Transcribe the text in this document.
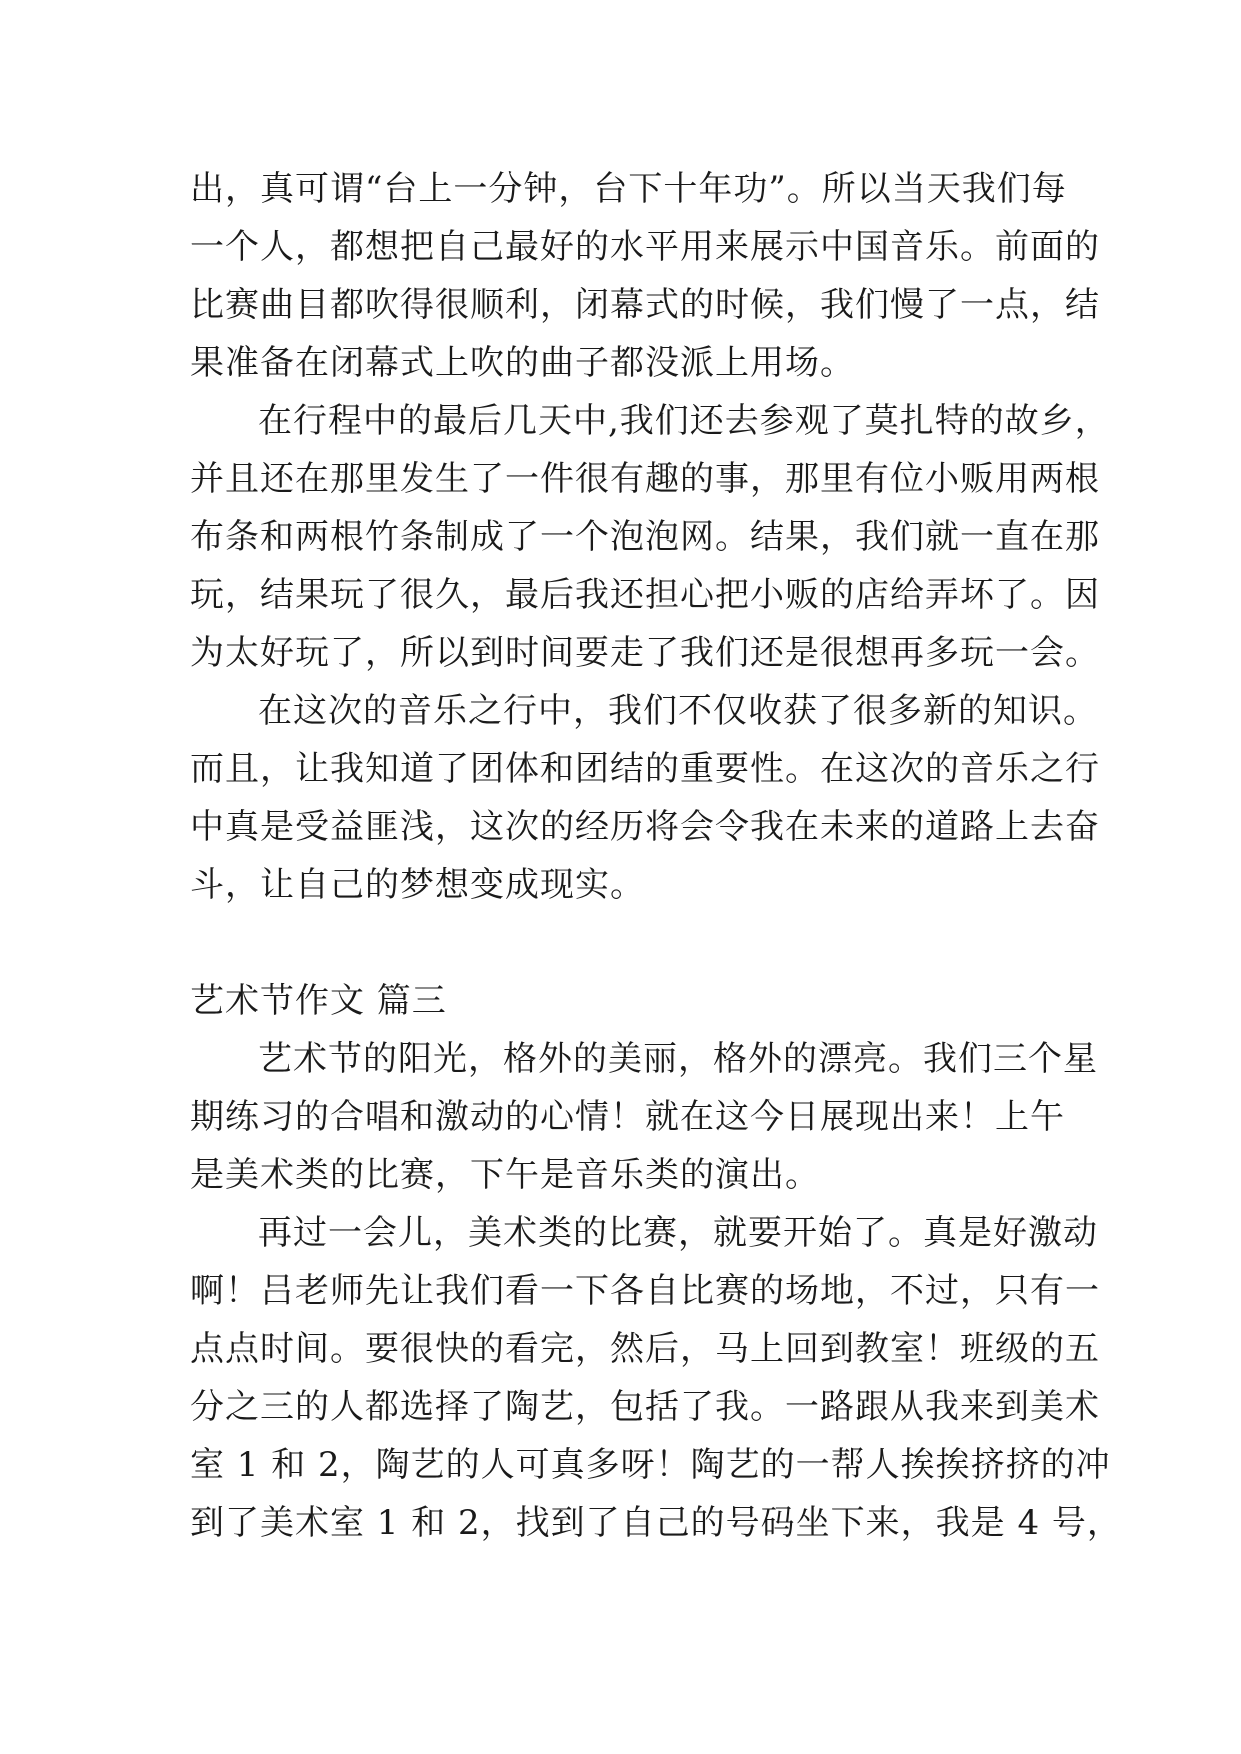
出，真可谓“台上一分钟，台下十年功”。所以当天我们每
一个人，都想把自己最好的水平用来展示中国音乐。前面的
比赛曲目都吹得很顺利，闭幕式的时候，我们慢了一点，结
果准备在闭幕式上吹的曲子都没派上用场。
在行程中的最后几天中,我们还去参观了莫扎特的故乡，
并且还在那里发生了一件很有趣的事，那里有位小贩用两根
布条和两根竹条制成了一个泡泡网。结果，我们就一直在那
玩，结果玩了很久，最后我还担心把小贩的店给弄坏了。因
为太好玩了，所以到时间要走了我们还是很想再多玩一会。
在这次的音乐之行中，我们不仅收获了很多新的知识。
而且，让我知道了团体和团结的重要性。在这次的音乐之行
中真是受益匪浅，这次的经历将会令我在未来的道路上去奋
斗，让自己的梦想变成现实。
艺术节作文 篇三
艺术节的阳光，格外的美丽，格外的漂亮。我们三个星
期练习的合唱和激动的心情！就在这今日展现出来！上午
是美术类的比赛，下午是音乐类的演出。
再过一会儿，美术类的比赛，就要开始了。真是好激动
啊！吕老师先让我们看一下各自比赛的场地，不过，只有一
点点时间。要很快的看完，然后，马上回到教室！班级的五
分之三的人都选择了陶艺，包括了我。一路跟从我来到美术
室 1 和 2，陶艺的人可真多呀！陶艺的一帮人挨挨挤挤的冲
到了美术室 1 和 2，找到了自己的号码坐下来，我是 4 号，
